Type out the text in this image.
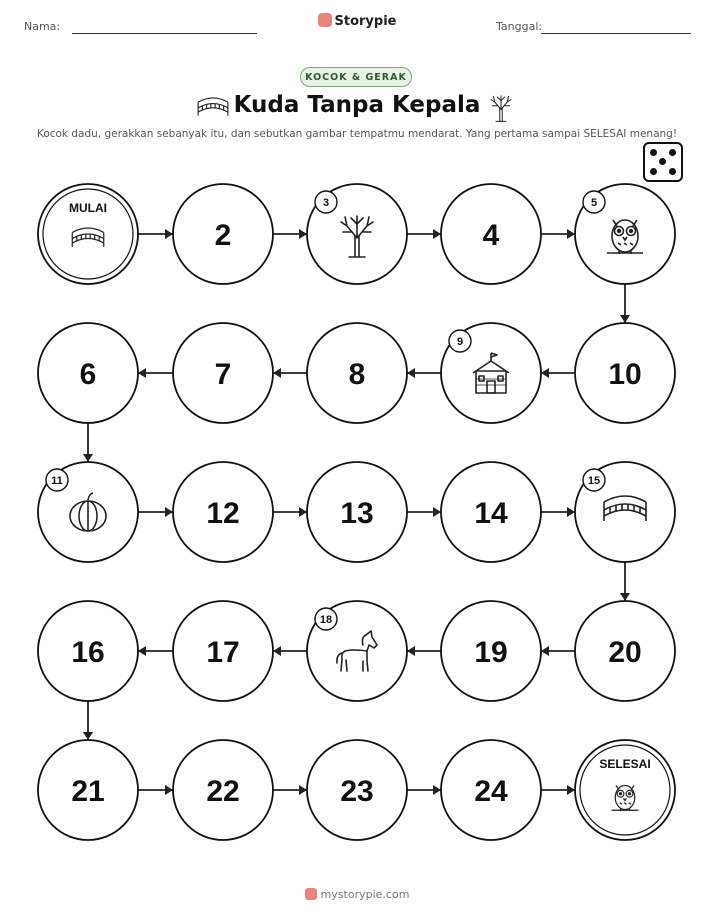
Nama:	Storypie	Tanggal:
KOCOK & GERAK
Kuda Tanpa Kepala
Kocok dadu, gerakkan sebanyak itu, dan sebutkan gambar tempatmu mendarat. Yang pertama sampai SELESAI menang!
MULAI
2
3
4
5
10
9
8
7
6
11
12	13	14
15
20
19
18
17
16
21	22	23	24
SELESAI
mystorypie.com
